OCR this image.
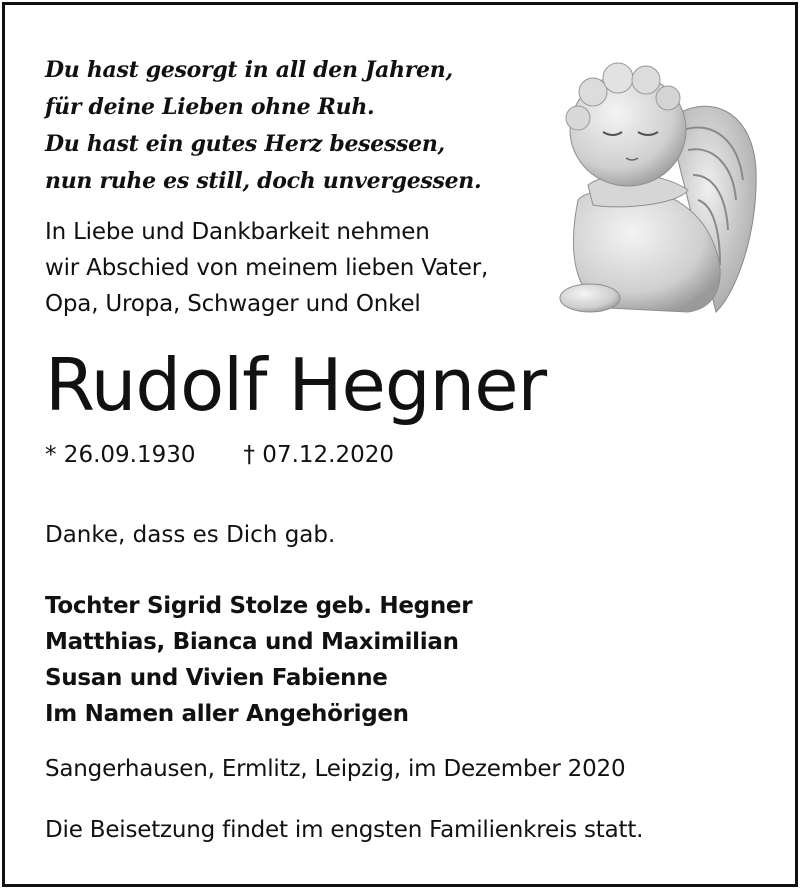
Du hast gesorgt in all den Jahren,
für deine Lieben ohne Ruh.
Du hast ein gutes Herz besessen,
nun ruhe es still, doch unvergessen.
In Liebe und Dankbarkeit nehmen
wir Abschied von meinem lieben Vater,
Opa, Uropa, Schwager und Onkel
Rudolf Hegner
* 26.09.1930 † 07.12.2020
Danke, dass es Dich gab.
Tochter Sigrid Stolze geb. Hegner
Matthias, Bianca und Maximilian
Susan und Vivien Fabienne
Im Namen aller Angehörigen
Sangerhausen, Ermlitz, Leipzig, im Dezember 2020
Die Beisetzung findet im engsten Familienkreis statt.
